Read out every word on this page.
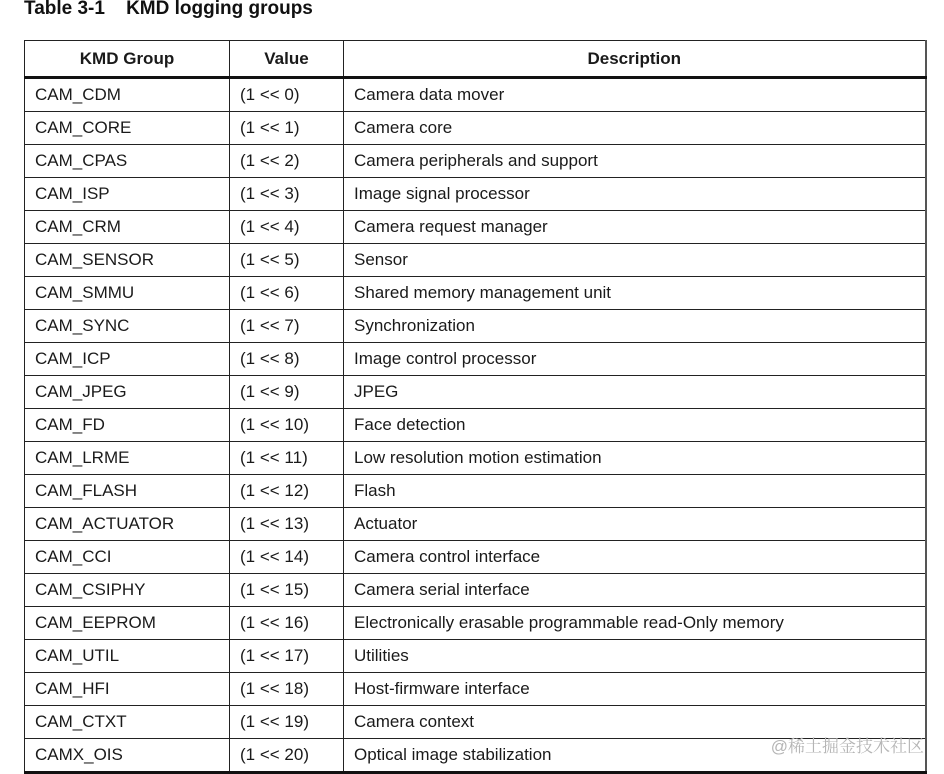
Table 3-1    KMD logging groups
KMD Group	Value	Description
CAM_CDM	(1 << 0)	Camera data mover
CAM_CORE	(1 << 1)	Camera core
CAM_CPAS	(1 << 2)	Camera peripherals and support
CAM_ISP	(1 << 3)	Image signal processor
CAM_CRM	(1 << 4)	Camera request manager
CAM_SENSOR	(1 << 5)	Sensor
CAM_SMMU	(1 << 6)	Shared memory management unit
CAM_SYNC	(1 << 7)	Synchronization
CAM_ICP	(1 << 8)	Image control processor
CAM_JPEG	(1 << 9)	JPEG
CAM_FD	(1 << 10)	Face detection
CAM_LRME	(1 << 11)	Low resolution motion estimation
CAM_FLASH	(1 << 12)	Flash
CAM_ACTUATOR	(1 << 13)	Actuator
CAM_CCI	(1 << 14)	Camera control interface
CAM_CSIPHY	(1 << 15)	Camera serial interface
CAM_EEPROM	(1 << 16)	Electronically erasable programmable read-Only memory
CAM_UTIL	(1 << 17)	Utilities
CAM_HFI	(1 << 18)	Host-firmware interface
CAM_CTXT	(1 << 19)	Camera context
CAMX_OIS	(1 << 20)	Optical image stabilization	@稀土掘金技术社区
